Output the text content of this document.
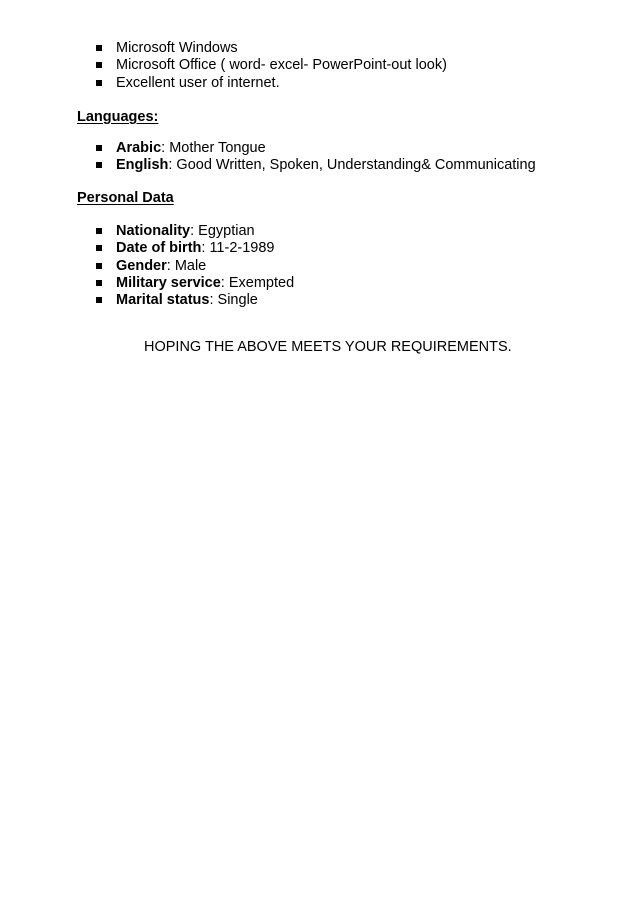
Microsoft Windows
Microsoft Office ( word- excel- PowerPoint-out look)
Excellent user of internet.
Languages:
Arabic: Mother Tongue
English: Good Written, Spoken, Understanding& Communicating
Personal Data
Nationality: Egyptian
Date of birth: 11-2-1989
Gender: Male
Military service: Exempted
Marital status: Single
HOPING THE ABOVE MEETS YOUR REQUIREMENTS.
